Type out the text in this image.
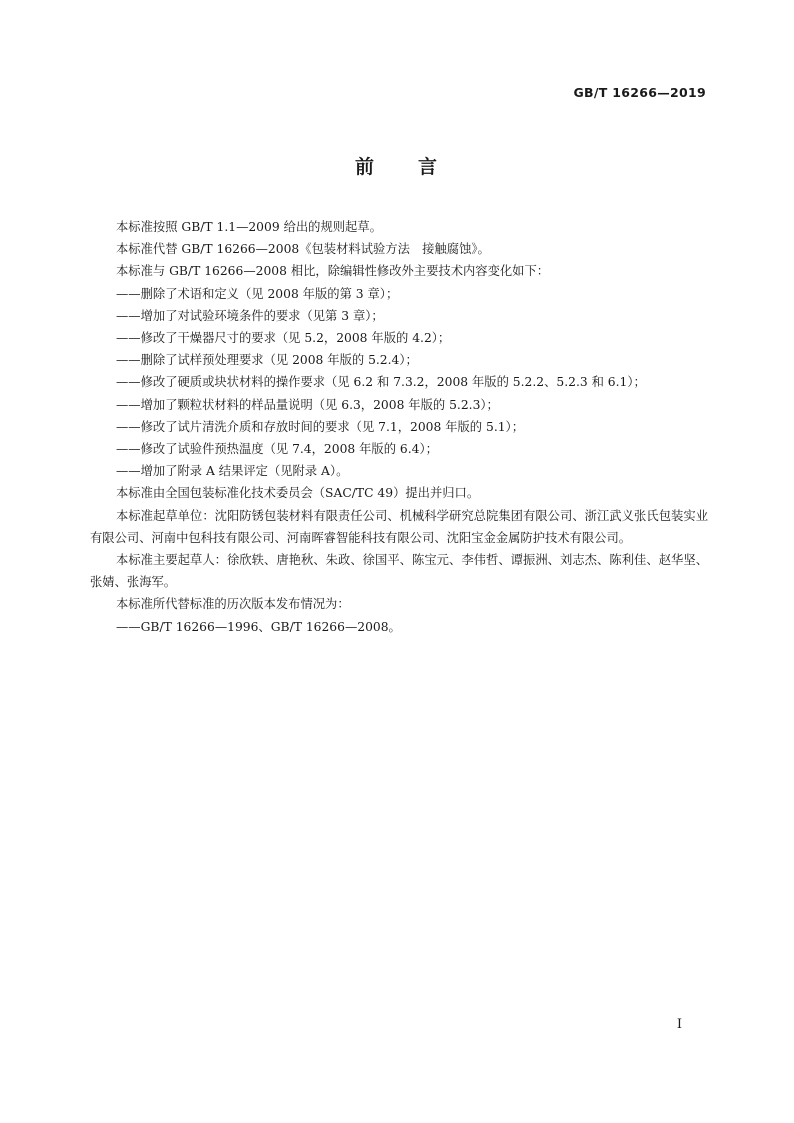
GB/T 16266—2019
前 言

本标准按照 GB/T 1.1—2009 给出的规则起草。

本标准代替 GB/T 16266—2008《包装材料试验方法　接触腐蚀》。

本标准与 GB/T 16266—2008 相比，除编辑性修改外主要技术内容变化如下：

——删除了术语和定义（见 2008 年版的第 3 章）；

——增加了对试验环境条件的要求（见第 3 章）；

——修改了干燥器尺寸的要求（见 5.2，2008 年版的 4.2）；

——删除了试样预处理要求（见 2008 年版的 5.2.4）；

——修改了硬质或块状材料的操作要求（见 6.2 和 7.3.2，2008 年版的 5.2.2、5.2.3 和 6.1）；

——增加了颗粒状材料的样品量说明（见 6.3，2008 年版的 5.2.3）；

——修改了试片清洗介质和存放时间的要求（见 7.1，2008 年版的 5.1）；

——修改了试验件预热温度（见 7.4，2008 年版的 6.4）；

——增加了附录 A 结果评定（见附录 A）。

本标准由全国包装标准化技术委员会（SAC/TC 49）提出并归口。

本标准起草单位：沈阳防锈包装材料有限责任公司、机械科学研究总院集团有限公司、浙江武义张氏包装实业有限公司、河南中包科技有限公司、河南晖睿智能科技有限公司、沈阳宝金金属防护技术有限公司。

本标准主要起草人：徐欣轶、唐艳秋、朱政、徐国平、陈宝元、李伟哲、谭振洲、刘志杰、陈利佳、赵华坚、张婧、张海军。

本标准所代替标准的历次版本发布情况为：

——GB/T 16266—1996、GB/T 16266—2008。

I
